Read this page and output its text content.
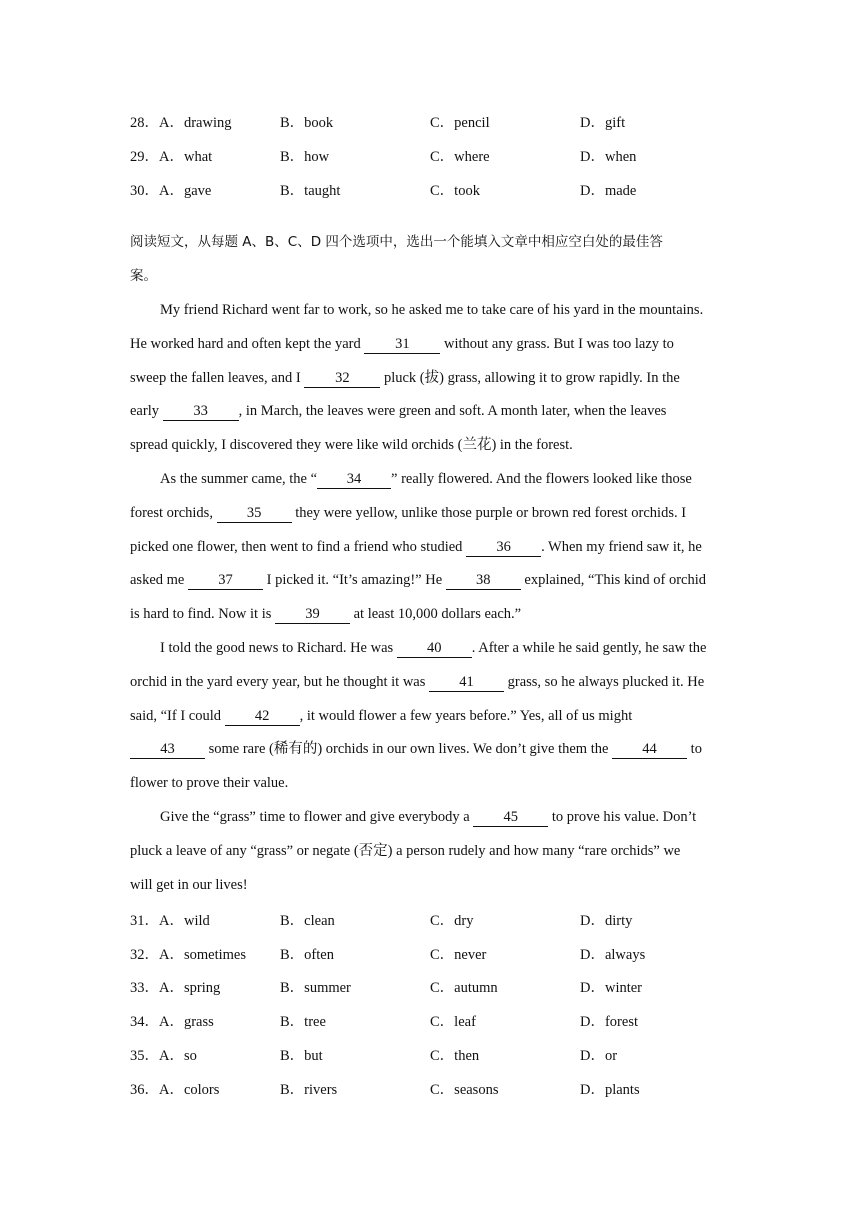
28．A．drawing	B．book	C．pencil	D．gift
29．A．what	B．how	C．where	D．when
30．A．gave	B．taught	C．took	D．made
阅读短文，从每题 A、B、C、D 四个选项中，选出一个能填入文章中相应空白处的最佳答
案。
My friend Richard went far to work, so he asked me to take care of his yard in the mountains.
He worked hard and often kept the yard 31 without any grass. But I was too lazy to
sweep the fallen leaves, and I 32 pluck (拔) grass, allowing it to grow rapidly. In the
early 33 , in March, the leaves were green and soft. A month later, when the leaves
spread quickly, I discovered they were like wild orchids (兰花) in the forest.
As the summer came, the “ 34 ” really flowered. And the flowers looked like those
forest orchids, 35 they were yellow, unlike those purple or brown red forest orchids. I
picked one flower, then went to find a friend who studied 36 . When my friend saw it, he
asked me 37 I picked it. “It’s amazing!” He 38 explained, “This kind of orchid
is hard to find. Now it is 39 at least 10,000 dollars each.”
I told the good news to Richard. He was 40 . After a while he said gently, he saw the
orchid in the yard every year, but he thought it was 41 grass, so he always plucked it. He
said, “If I could 42 , it would flower a few years before.” Yes, all of us might
43 some rare (稀有的) orchids in our own lives. We don’t give them the 44 to
flower to prove their value.
Give the “grass” time to flower and give everybody a 45 to prove his value. Don’t
pluck a leave of any “grass” or negate (否定) a person rudely and how many “rare orchids” we
will get in our lives!
31．A．wild	B．clean	C．dry	D．dirty
32．A．sometimes	B．often	C．never	D．always
33．A．spring	B．summer	C．autumn	D．winter
34．A．grass	B．tree	C．leaf	D．forest
35．A．so	B．but	C．then	D．or
36．A．colors	B．rivers	C．seasons	D．plants
